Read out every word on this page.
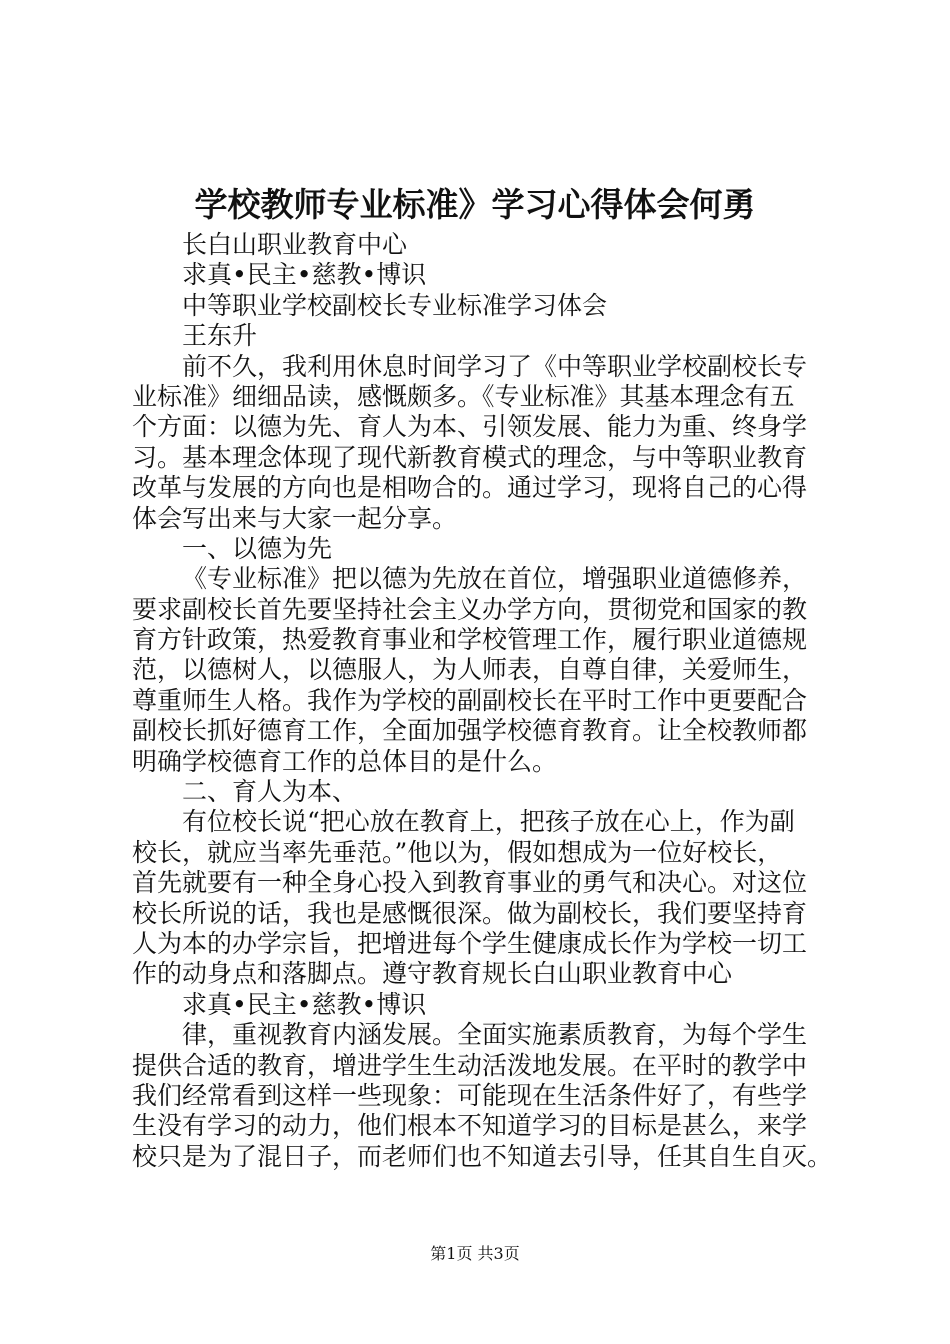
学校教师专业标准》学习心得体会何勇
长白山职业教育中心
求真•民主•慈教•博识
中等职业学校副校长专业标准学习体会
王东升
前不久，我利用休息时间学习了《中等职业学校副校长专
业标准》细细品读，感慨颇多。《专业标准》其基本理念有五
个方面：以德为先、育人为本、引领发展、能力为重、终身学
习。基本理念体现了现代新教育模式的理念，与中等职业教育
改革与发展的方向也是相吻合的。通过学习，现将自己的心得
体会写出来与大家一起分享。
一、以德为先
《专业标准》把以德为先放在首位，增强职业道德修养，
要求副校长首先要坚持社会主义办学方向，贯彻党和国家的教
育方针政策，热爱教育事业和学校管理工作，履行职业道德规
范，以德树人，以德服人，为人师表，自尊自律，关爱师生，
尊重师生人格。我作为学校的副副校长在平时工作中更要配合
副校长抓好德育工作，全面加强学校德育教育。让全校教师都
明确学校德育工作的总体目的是什么。
二、育人为本、
有位校长说“把心放在教育上，把孩子放在心上，作为副
校长，就应当率先垂范。”他以为，假如想成为一位好校长，
首先就要有一种全身心投入到教育事业的勇气和决心。对这位
校长所说的话，我也是感慨很深。做为副校长，我们要坚持育
人为本的办学宗旨，把增进每个学生健康成长作为学校一切工
作的动身点和落脚点。遵守教育规长白山职业教育中心
求真•民主•慈教•博识
律，重视教育内涵发展。全面实施素质教育，为每个学生
提供合适的教育，增进学生生动活泼地发展。在平时的教学中
我们经常看到这样一些现象：可能现在生活条件好了，有些学
生没有学习的动力，他们根本不知道学习的目标是甚么，来学
校只是为了混日子，而老师们也不知道去引导，任其自生自灭。
第1页 共3页
